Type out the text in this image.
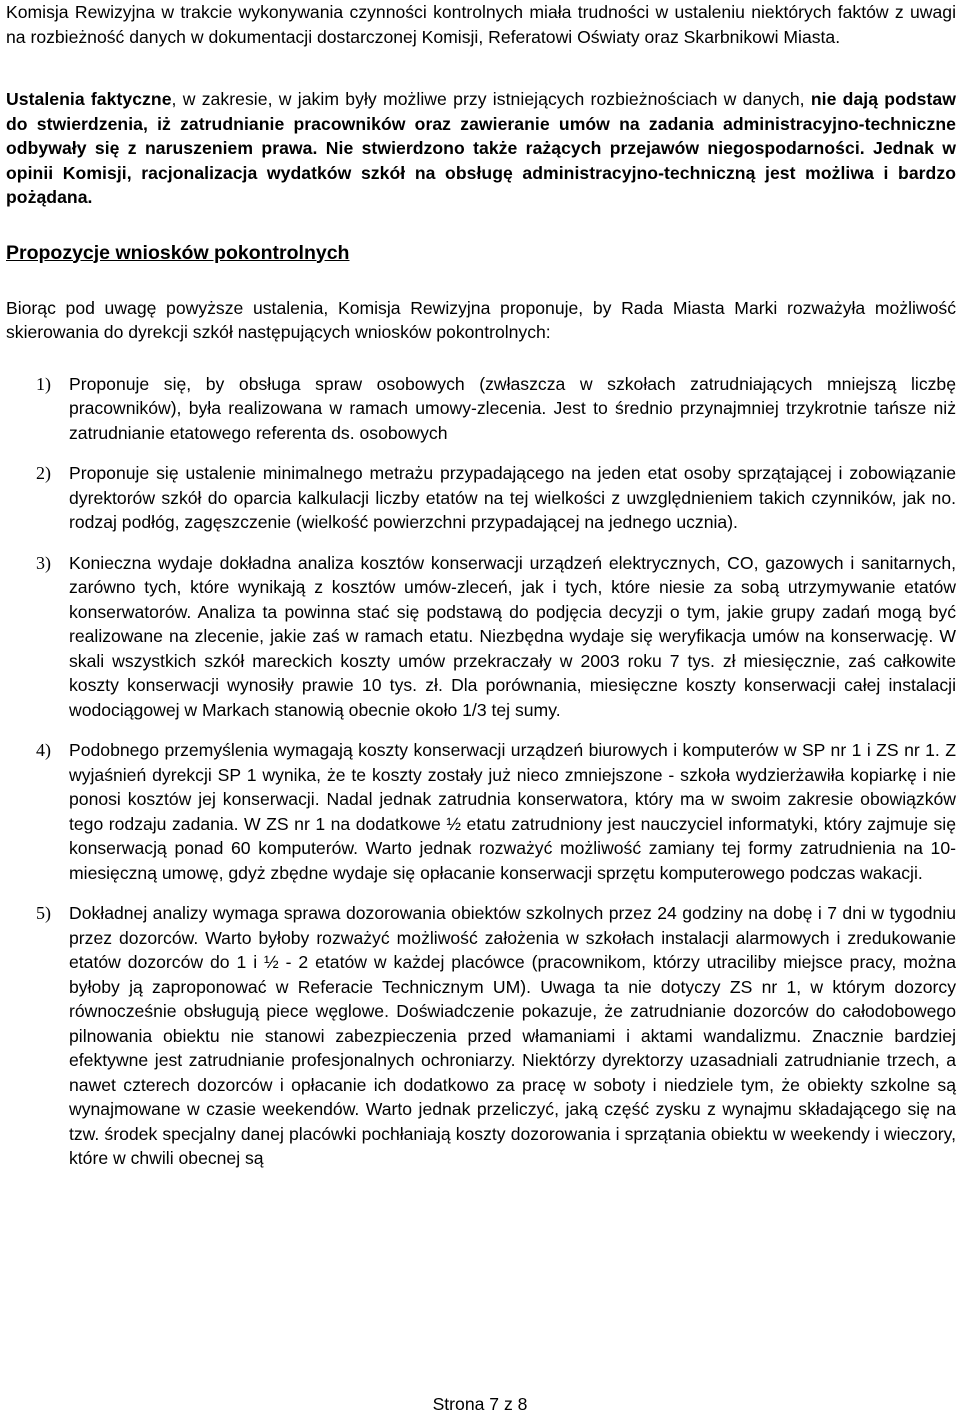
Komisja Rewizyjna w trakcie wykonywania czynności kontrolnych miała trudności w ustaleniu niektórych faktów z uwagi na rozbieżność danych w dokumentacji dostarczonej Komisji, Referatowi Oświaty oraz Skarbnikowi Miasta.

Ustalenia faktyczne, w zakresie, w jakim były możliwe przy istniejących rozbieżnościach w danych, nie dają podstaw do stwierdzenia, iż zatrudnianie pracowników oraz zawieranie umów na zadania administracyjno-techniczne odbywały się z naruszeniem prawa. Nie stwierdzono także rażących przejawów niegospodarności. Jednak w opinii Komisji, racjonalizacja wydatków szkół na obsługę administracyjno-techniczną jest możliwa i bardzo pożądana.

Propozycje wniosków pokontrolnych

Biorąc pod uwagę powyższe ustalenia, Komisja Rewizyjna proponuje, by Rada Miasta Marki rozważyła możliwość skierowania do dyrekcji szkół następujących wniosków pokontrolnych:

1) Proponuje się, by obsługa spraw osobowych (zwłaszcza w szkołach zatrudniających mniejszą liczbę pracowników), była realizowana w ramach umowy-zlecenia. Jest to średnio przynajmniej trzykrotnie tańsze niż zatrudnianie etatowego referenta ds. osobowych
2) Proponuje się ustalenie minimalnego metrażu przypadającego na jeden etat osoby sprzątającej i zobowiązanie dyrektorów szkół do oparcia kalkulacji liczby etatów na tej wielkości z uwzględnieniem takich czynników, jak no. rodzaj podłóg, zagęszczenie (wielkość powierzchni przypadającej na jednego ucznia).
3) Konieczna wydaje dokładna analiza kosztów konserwacji urządzeń elektrycznych, CO, gazowych i sanitarnych, zarówno tych, które wynikają z kosztów umów-zleceń, jak i tych, które niesie za sobą utrzymywanie etatów konserwatorów. Analiza ta powinna stać się podstawą do podjęcia decyzji o tym, jakie grupy zadań mogą być realizowane na zlecenie, jakie zaś w ramach etatu. Niezbędna wydaje się weryfikacja umów na konserwację. W skali wszystkich szkół mareckich koszty umów przekraczały w 2003 roku 7 tys. zł miesięcznie, zaś całkowite koszty konserwacji wynosiły prawie 10 tys. zł. Dla porównania, miesięczne koszty konserwacji całej instalacji wodociągowej w Markach stanowią obecnie około 1/3 tej sumy.
4) Podobnego przemyślenia wymagają koszty konserwacji urządzeń biurowych i komputerów w SP nr 1 i ZS nr 1. Z wyjaśnień dyrekcji SP 1 wynika, że te koszty zostały już nieco zmniejszone - szkoła wydzierżawiła kopiarkę i nie ponosi kosztów jej konserwacji. Nadal jednak zatrudnia konserwatora, który ma w swoim zakresie obowiązków tego rodzaju zadania. W ZS nr 1 na dodatkowe ½ etatu zatrudniony jest nauczyciel informatyki, który zajmuje się konserwacją ponad 60 komputerów. Warto jednak rozważyć możliwość zamiany tej formy zatrudnienia na 10-miesięczną umowę, gdyż zbędne wydaje się opłacanie konserwacji sprzętu komputerowego podczas wakacji.
5) Dokładnej analizy wymaga sprawa dozorowania obiektów szkolnych przez 24 godziny na dobę i 7 dni w tygodniu przez dozorców. Warto byłoby rozważyć możliwość założenia w szkołach instalacji alarmowych i zredukowanie etatów dozorców do 1 i ½ - 2 etatów w każdej placówce (pracownikom, którzy utraciliby miejsce pracy, można byłoby ją zaproponować w Referacie Technicznym UM). Uwaga ta nie dotyczy ZS nr 1, w którym dozorcy równocześnie obsługują piece węglowe. Doświadczenie pokazuje, że zatrudnianie dozorców do całodobowego pilnowania obiektu nie stanowi zabezpieczenia przed włamaniami i aktami wandalizmu. Znacznie bardziej efektywne jest zatrudnianie profesjonalnych ochroniarzy. Niektórzy dyrektorzy uzasadniali zatrudnianie trzech, a nawet czterech dozorców i opłacanie ich dodatkowo za pracę w soboty i niedziele tym, że obiekty szkolne są wynajmowane w czasie weekendów. Warto jednak przeliczyć, jaką część zysku z wynajmu składającego się na tzw. środek specjalny danej placówki pochłaniają koszty dozorowania i sprzątania obiektu w weekendy i wieczory, które w chwili obecnej są
Strona 7 z 8
